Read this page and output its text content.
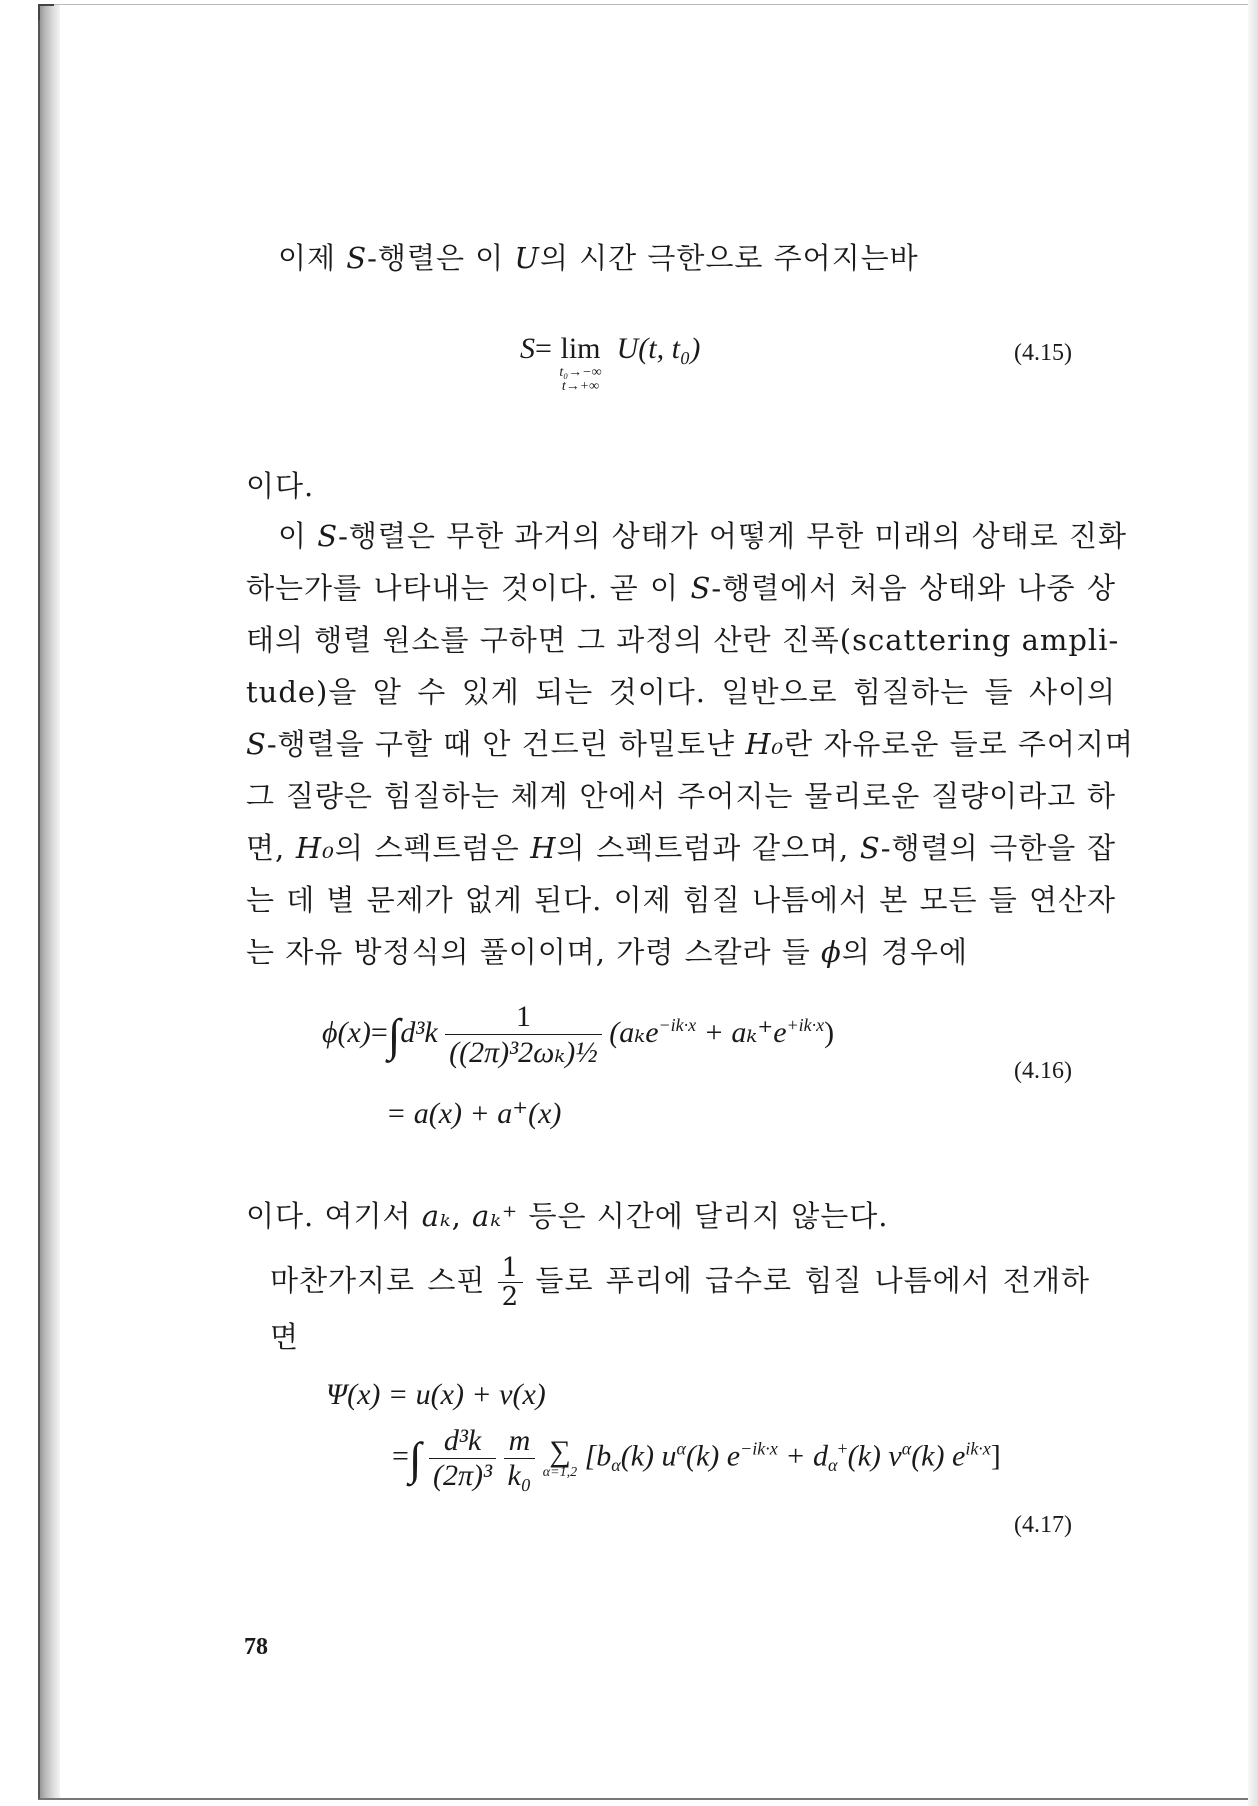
이제 S-행렬은 이 U의 시간 극한으로 주어지는바
S= lim
t₀→−∞
t→+∞
U(t, t₀)	(4.15)
이다.
이 S-행렬은 무한 과거의 상태가 어떻게 무한 미래의 상태로 진화
하는가를 나타내는 것이다. 곧 이 S-행렬에서 처음 상태와 나중 상
태의 행렬 원소를 구하면 그 과정의 산란 진폭(scattering ampli-
tude)을 알 수 있게 되는 것이다. 일반으로 힘질하는 들 사이의
S-행렬을 구할 때 안 건드린 하밀토냔 H₀란 자유로운 들로 주어지며
그 질량은 힘질하는 체계 안에서 주어지는 물리로운 질량이라고 하
면, H₀의 스펙트럼은 H의 스펙트럼과 같으며, S-행렬의 극한을 잡
는 데 별 문제가 없게 된다. 이제 힘질 나틈에서 본 모든 들 연산자
는 자유 방정식의 풀이이며, 가령 스칼라 들 ϕ의 경우에
$\phi(x)=\int d^3k \frac{1}{\text{((2π)³2ωₖ)½}} (a_ke^{-ik\cdot x} + a_k^+e^{+ik\cdot x})$
= a(x) + a⁺(x)
(4.16)
이다. 여기서 aₖ, aₖ⁺ 등은 시간에 달리지 않는다.
마찬가지로 스핀 $\frac{1}{2}$ 들로 푸리에 급수로 힘질 나틈에서 전개하면
Ψ(x) = u(x) + v(x)
=∫ $\frac{\text{d³k}}{\text{(2π)³}}$
$\frac{m}{\text{k₀}}$
∑
α=1,2 [$b_\alpha(k)$ $u^\alpha(k) e^{-ik\cdot x} + d_\alpha^+(k)$ $v^\alpha(k)$ $e^{ik\cdot x}$]
(4.17)
78
